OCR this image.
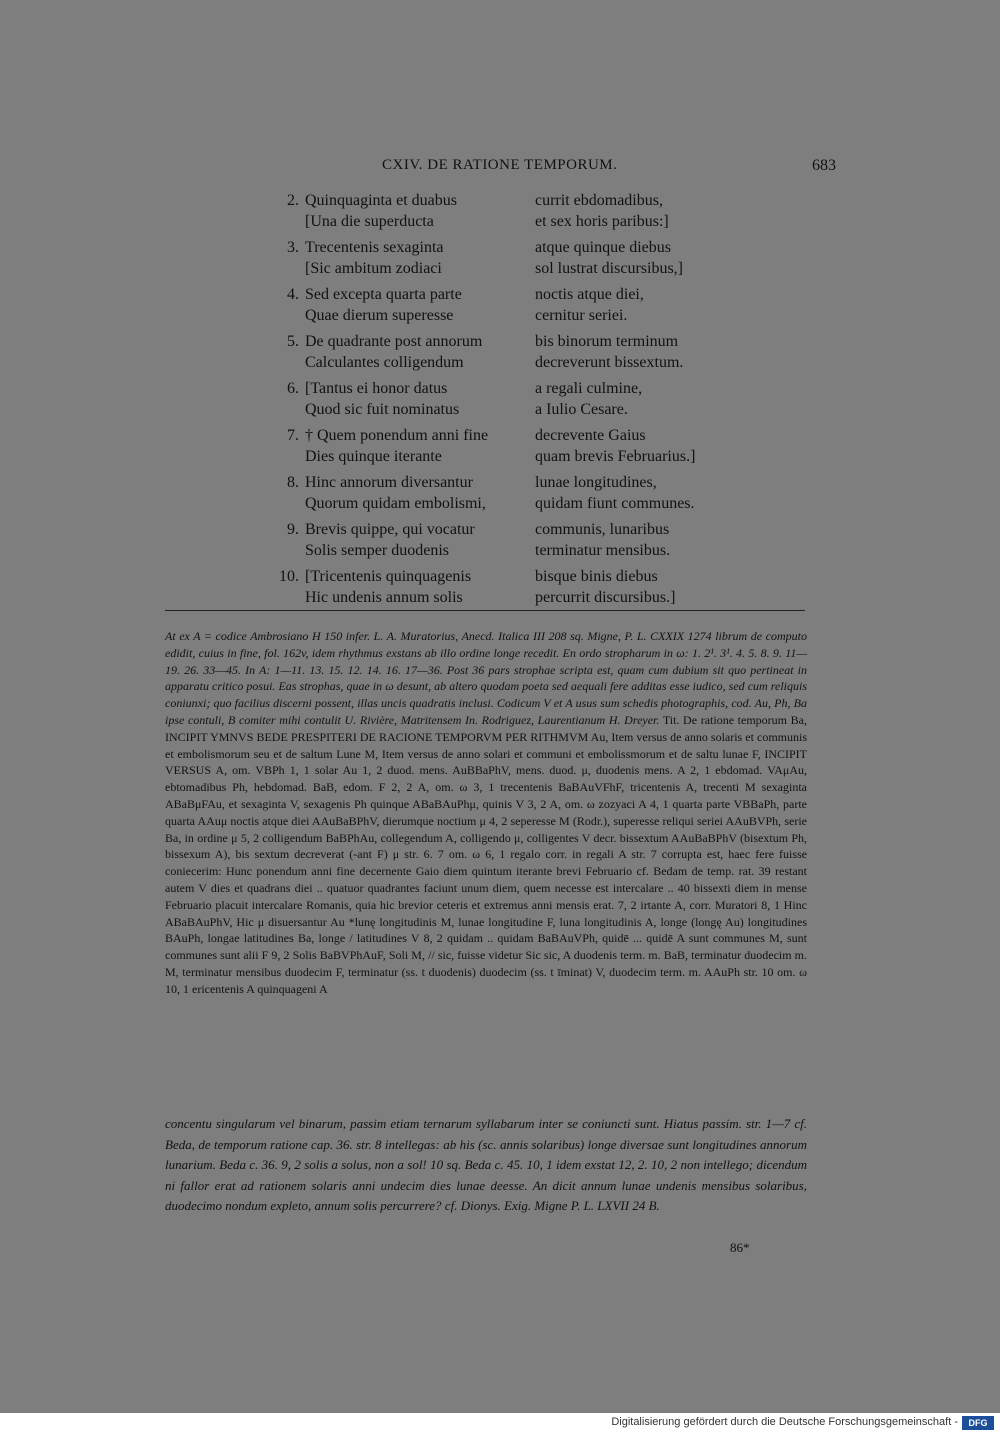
CXIV. DE RATIONE TEMPORUM.	683
2. Quinquaginta et duabus	currit ebdomadibus,
[Una die superducta	et sex horis paribus:]
3. Trecentenis sexaginta	atque quinque diebus
[Sic ambitum zodiaci	sol lustrat discursibus,]
4. Sed excepta quarta parte	noctis atque diei,
Quae dierum superesse	cernitur seriei.
5. De quadrante post annorum	bis binorum terminum
Calculantes colligendum	decreverunt bissextum.
6. [Tantus ei honor datus	a regali culmine,
Quod sic fuit nominatus	a Iulio Cesare.
7. † Quem ponendum anni fine	decrevente Gaius
Dies quinque iterante	quam brevis Februarius.]
8. Hinc annorum diversantur	lunae longitudines,
Quorum quidam embolismi,	quidam fiunt communes.
9. Brevis quippe, qui vocatur	communis, lunaribus
Solis semper duodenis	terminatur mensibus.
10. [Tricentenis quinquagenis	bisque binis diebus
Hic undenis annum solis	percurrit discursibus.]

At ex A = codice Ambrosiano H 150 infer. L. A. Muratorius, Anecd. Italica III 208 sq. Migne, P. L. CXXIX 1274 librum de computo edidit, cuius in fine, fol. 162v, idem rhythmus exstans ab illo ordine longe recedit. En ordo stropharum in ω: 1. 2¹. 3¹. 4. 5. 8. 9. 11—19. 26. 33—45. In A: 1—11. 13. 15. 12. 14. 16. 17—36. Post 36 pars strophae scripta est, quam cum dubium sit quo pertineat in apparatu critico posui. Eas strophas, quae in ω desunt, ab altero quodam poeta sed aequali fere additas esse iudico, sed cum reliquis coniunxi; quo facilius discerni possent, illas uncis quadratis inclusi. Codicum V et A usus sum schedis photographis, cod. Au, Ph, Ba ipse contuli, B comiter mihi contulit U. Rivière, Matritensem In. Rodriguez, Laurentianum H. Dreyer. Tit. De ratione temporum Ba, INCIPIT YMNVS BEDE PRESPITERI DE RACIONE TEMPORVM PER RITHMVM Au, Item versus de anno solaris et communis et embolismorum seu et de saltum Lune M, Item versus de anno solari et communi et embolissmorum et de saltu lunae F, INCIPIT VERSUS A, om. VBPh 1, 1 solar Au 1, 2 duod. mens. AuBBaPhV, mens. duod. μ, duodenis mens. A 2, 1 ebdomad. VAμAu, ebtomadibus Ph, hebdomad. BaB, edom. F 2, 2 A, om. ω 3, 1 trecentenis BaBAuVFhF, tricentenis A, trecenti M sexaginta ABaBμFAu, et sexaginta V, sexagenis Ph quinque ABaBAuPhμ, quinis V 3, 2 A, om. ω zozyaci A 4, 1 quarta parte VBBaPh, parte quarta AAuμ noctis atque diei AAuBaBPhV, dierumque noctium μ 4, 2 seperesse M (Rodr.), superesse reliqui seriei AAuBVPh, serie Ba, in ordine μ 5, 2 colligendum BaBPhAu, collegendum A, colligendo μ, colligentes V decr. bissextum AAuBaBPhV (bisextum Ph, bissexum A), bis sextum decreverat (-ant F) μ str. 6. 7 om. ω 6, 1 regalo corr. in regali A str. 7 corrupta est, haec fere fuisse coniecerim: Hunc ponendum anni fine decernente Gaio diem quintum iterante brevi Februario cf. Bedam de temp. rat. 39 restant autem V dies et quadrans diei .. quatuor quadrantes faciunt unum diem, quem necesse est intercalare .. 40 bissexti diem in mense Februario placuit intercalare Romanis, quia hic brevior ceteris et extremus anni mensis erat. 7, 2 irtante A, corr. Muratori 8, 1 Hinc ABaBAuPhV, Hic μ disuersantur Au *lunę longitudinis M, lunae longitudine F, luna longitudinis A, longe (longę Au) longitudines BAuPh, longae latitudines Ba, longe / latitudines V 8, 2 quidam .. quidam BaBAuVPh, quidē ... quidē A sunt communes M, sunt communes sunt alii F 9, 2 Solis BaBVPhAuF, Soli M, // sic, fuisse videtur Sic sic, A duodenis term. m. BaB, terminatur duodecim m. M, terminatur mensibus duodecim F, terminatur (ss. t duodenis) duodecim (ss. t īminat) V, duodecim term. m. AAuPh str. 10 om. ω 10, 1 ericentenis A quinquageni A

concentu singularum vel binarum, passim etiam ternarum syllabarum inter se coniuncti sunt. Hiatus passim. str. 1—7 cf. Beda, de temporum ratione cap. 36. str. 8 intellegas: ab his (sc. annis solaribus) longe diversae sunt longitudines annorum lunarium. Beda c. 36. 9, 2 solis a solus, non a sol! 10 sq. Beda c. 45. 10, 1 idem exstat 12, 2. 10, 2 non intellego; dicendum ni fallor erat ad rationem solaris anni undecim dies lunae deesse. An dicit annum lunae undenis mensibus solaribus, duodecimo nondum expleto, annum solis percurrere? cf. Dionys. Exig. Migne P. L. LXVII 24 B.

86*
Digitalisierung gefördert durch die Deutsche Forschungsgemeinschaft -	DFG
